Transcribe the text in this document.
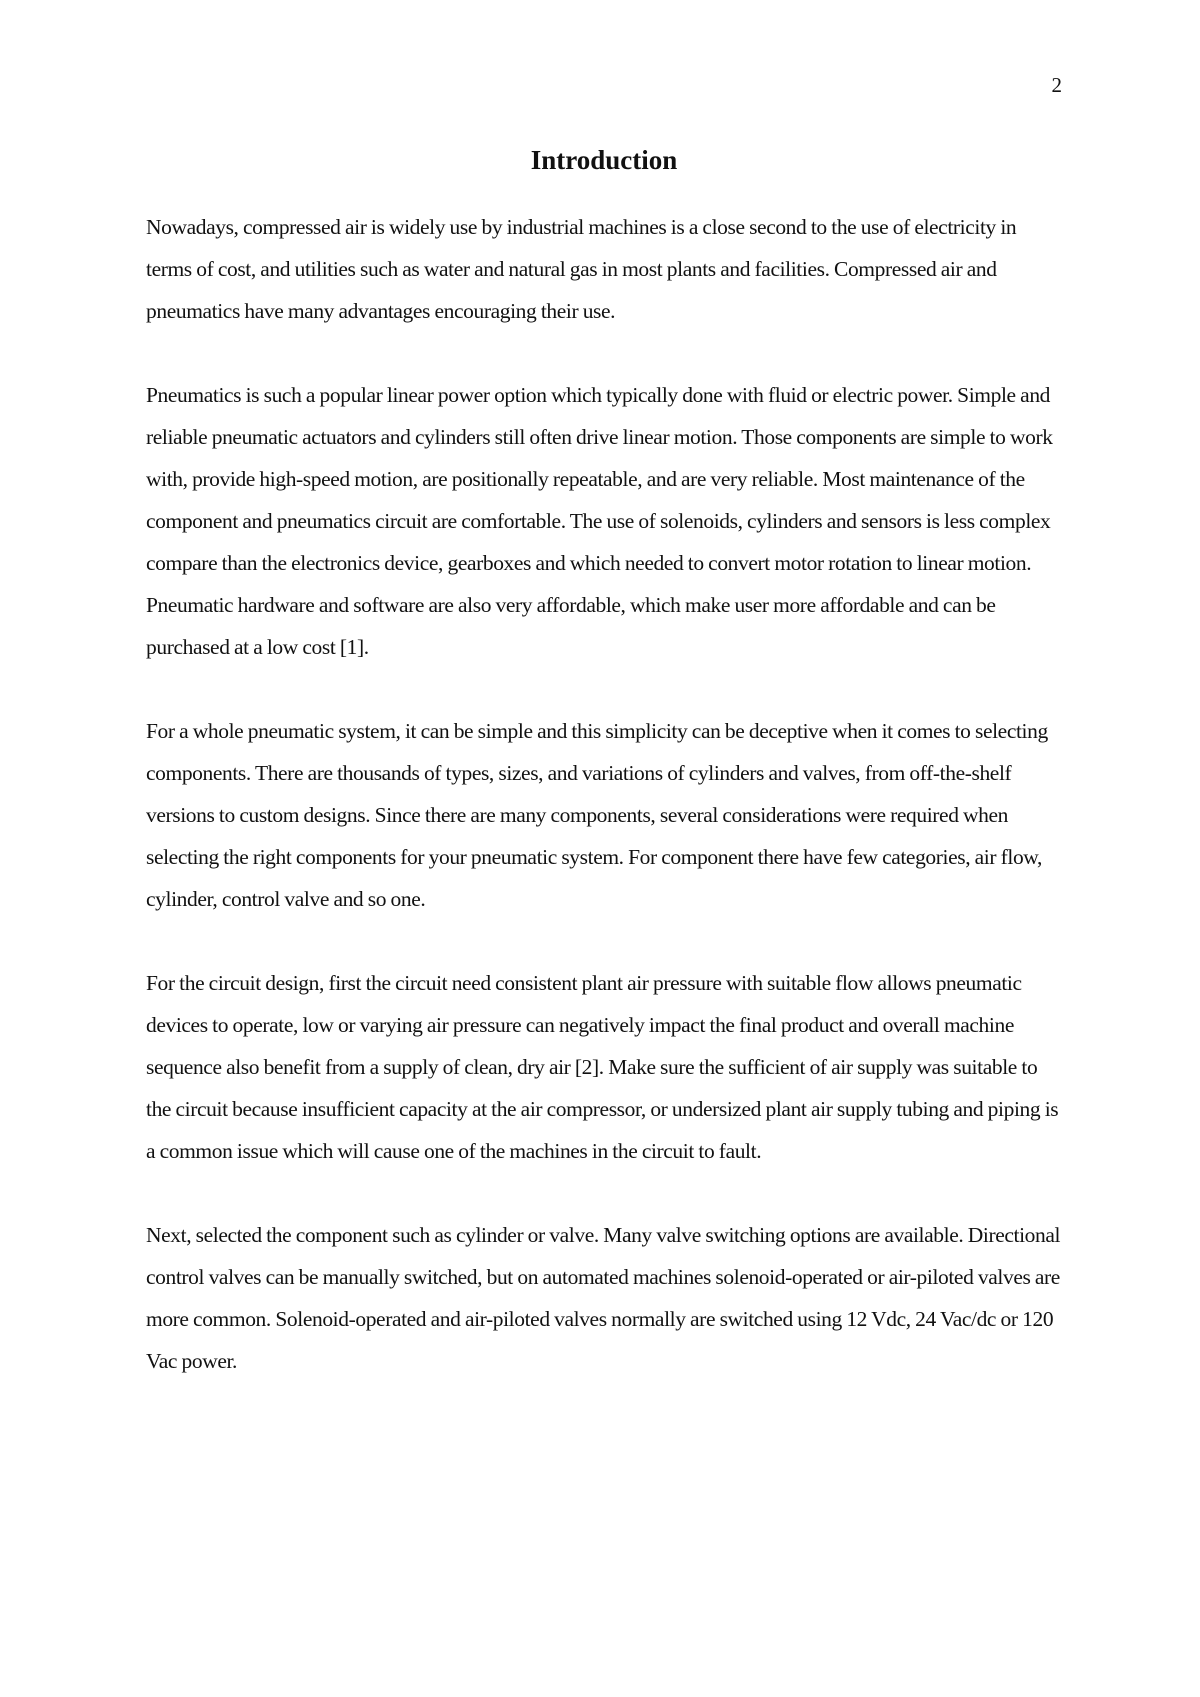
2
Introduction

Nowadays, compressed air is widely use by industrial machines is a close second to the use of electricity in terms of cost, and utilities such as water and natural gas in most plants and facilities. Compressed air and pneumatics have many advantages encouraging their use.

Pneumatics is such a popular linear power option which typically done with fluid or electric power. Simple and reliable pneumatic actuators and cylinders still often drive linear motion. Those components are simple to work with, provide high-speed motion, are positionally repeatable, and are very reliable. Most maintenance of the component and pneumatics circuit are comfortable. The use of solenoids, cylinders and sensors is less complex compare than the electronics device, gearboxes and which needed to convert motor rotation to linear motion. Pneumatic hardware and software are also very affordable, which make user more affordable and can be purchased at a low cost [1].

For a whole pneumatic system, it can be simple and this simplicity can be deceptive when it comes to selecting components. There are thousands of types, sizes, and variations of cylinders and valves, from off-the-shelf versions to custom designs. Since there are many components, several considerations were required when selecting the right components for your pneumatic system. For component there have few categories, air flow, cylinder, control valve and so one.

For the circuit design, first the circuit need consistent plant air pressure with suitable flow allows pneumatic devices to operate, low or varying air pressure can negatively impact the final product and overall machine sequence also benefit from a supply of clean, dry air [2]. Make sure the sufficient of air supply was suitable to the circuit because insufficient capacity at the air compressor, or undersized plant air supply tubing and piping is a common issue which will cause one of the machines in the circuit to fault.

Next, selected the component such as cylinder or valve. Many valve switching options are available. Directional control valves can be manually switched, but on automated machines solenoid-operated or air-piloted valves are more common. Solenoid-operated and air-piloted valves normally are switched using 12 Vdc, 24 Vac/dc or 120 Vac power.
